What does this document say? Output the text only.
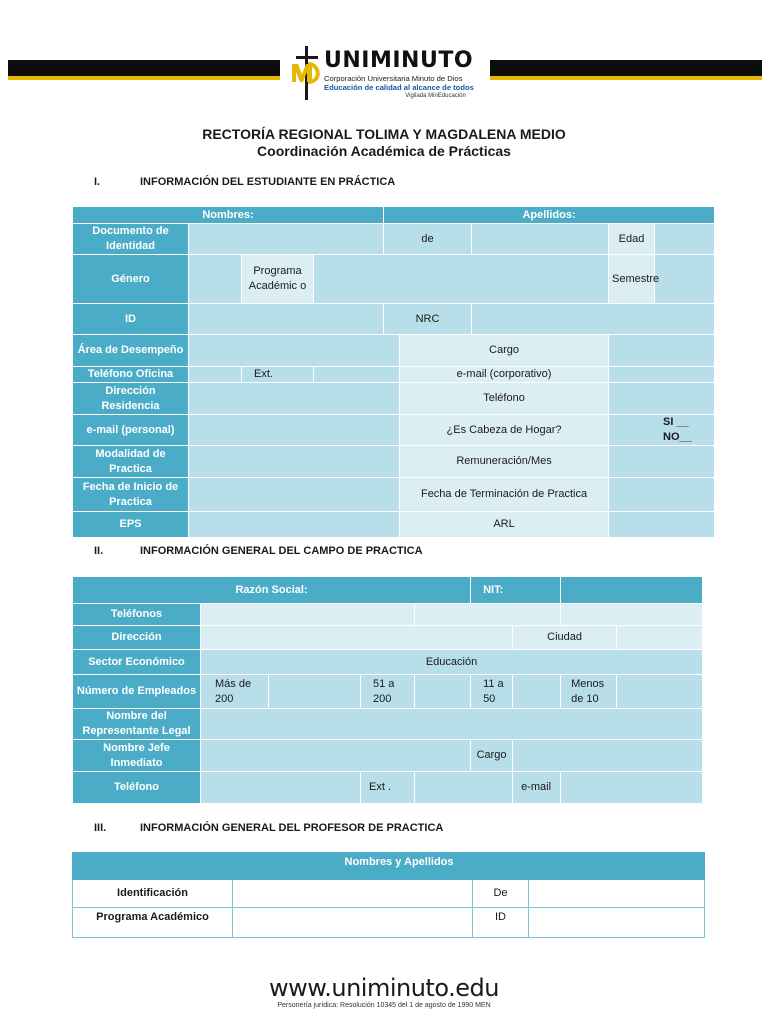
UNIMINUTO
Corporación Universitaria Minuto de Dios
Educación de calidad al alcance de todos
Vigilada MinEducación
RECTORÍA REGIONAL TOLIMA Y MAGDALENA MEDIO
Coordinación Académica de Prácticas
I.	INFORMACIÓN DEL ESTUDIANTE EN PRÁCTICA
Nombres:				Apellidos:				
Documento de Identidad				de			Edad	
Género		Programa Académic o					Semestre	
ID				NRC				
Área de Desempeño					Cargo			
Teléfono Oficina		Ext.			e-mail (corporativo)			
Dirección Residencia					Teléfono			
e-mail (personal)					¿Es Cabeza de Hogar?		SI __ NO__	
Modalidad de Practica					Remuneración/Mes			
Fecha de Inicio de Practica					Fecha de Terminación de Practica			
EPS					ARL			
II.	INFORMACIÓN GENERAL DEL CAMPO DE PRACTICA
Razón Social:					NIT:			
Teléfonos								
Dirección						Ciudad		
Sector Económico	Educación							
Número de Empleados	Más de 200		51 a 200		11 a 50		Menos de 10	
Nombre del Representante Legal								
Nombre Jefe Inmediato					Cargo			
Teléfono			Ext .			e-mail		
III.	INFORMACIÓN GENERAL DEL PROFESOR DE PRACTICA
Nombres y Apellidos			
Identificación		De	
Programa Académico		ID	
www.uniminuto.edu
Personería jurídica: Resolución 10345 del 1 de agosto de 1990 MEN
